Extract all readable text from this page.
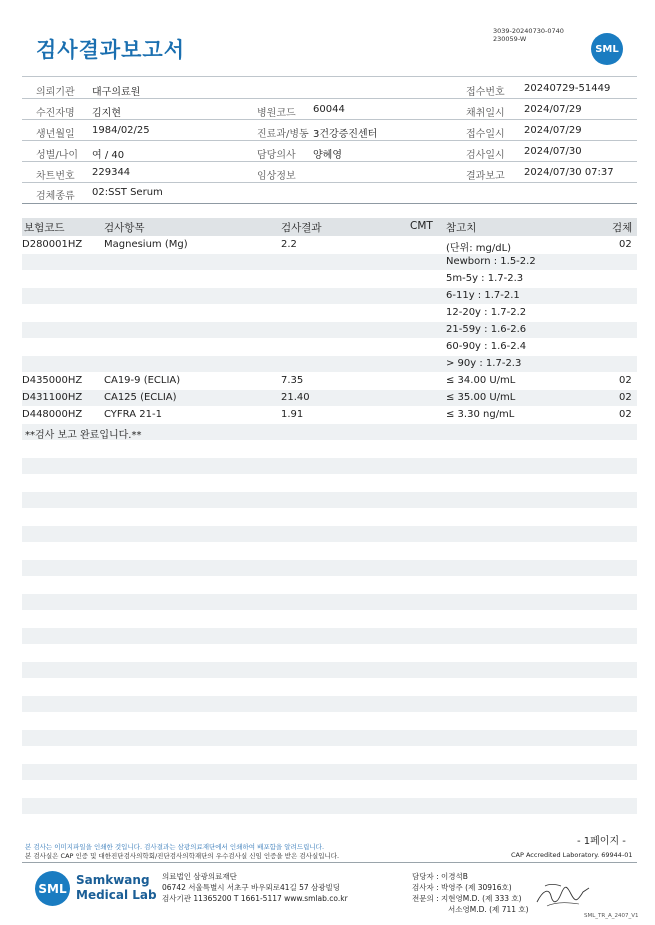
검사결과보고서
3039-20240730-0740
230059-W
SML
의뢰기관 대구의료원	접수번호 20240729-51449
수진자명 김지현	병원코드 60044	채취일시 2024/07/29
생년월일 1984/02/25	진료과/병동 3건강증진센터	접수일시 2024/07/29
성별/나이 여 / 40	담당의사 양혜영	검사일시 2024/07/30
차트번호 229344	임상정보	결과보고 2024/07/30 07:37
검체종류 02:SST Serum
보험코드	검사항목	검사결과	CMT 참고치	검체
D280001HZ Magnesium (Mg)	2.2	(단위: mg/dL)	02
Newborn : 1.5-2.2
5m-5y : 1.7-2.3
6-11y : 1.7-2.1
12-20y : 1.7-2.2
21-59y : 1.6-2.6
60-90y : 1.6-2.4
> 90y : 1.7-2.3
D435000HZ CA19-9 (ECLIA)	7.35	≤ 34.00 U/mL	02
D431100HZ CA125 (ECLIA)	21.40	≤ 35.00 U/mL	02
D448000HZ CYFRA 21-1	1.91	≤ 3.30 ng/mL	02
**검사 보고 완료입니다.**
- 1페이지 -
본 검사는 이미지파일을 인쇄한 것입니다. 검사결과는 삼광의료재단에서 인쇄하여 배포함을 알려드립니다.
본 검사실은 CAP 인증 및 대한진단검사의학회/진단검사의학재단의 우수검사실 신임 인증을 받은 검사실입니다.	CAP Accredited Laboratory. 69944-01
SML
Samkwang
Medical Lab
의료법인 삼광의료재단
06742 서울특별시 서초구 바우뫼로41길 57 삼광빌딩
검사기관 11365200 T 1661-5117 www.smlab.co.kr
담당자 : 이경석B
검사자 : 박영주 (제 30916호)
전문의 : 지현영M.D. (제 333 호)
서소영M.D. (제 711 호)
SML_TR_A_2407_V1
